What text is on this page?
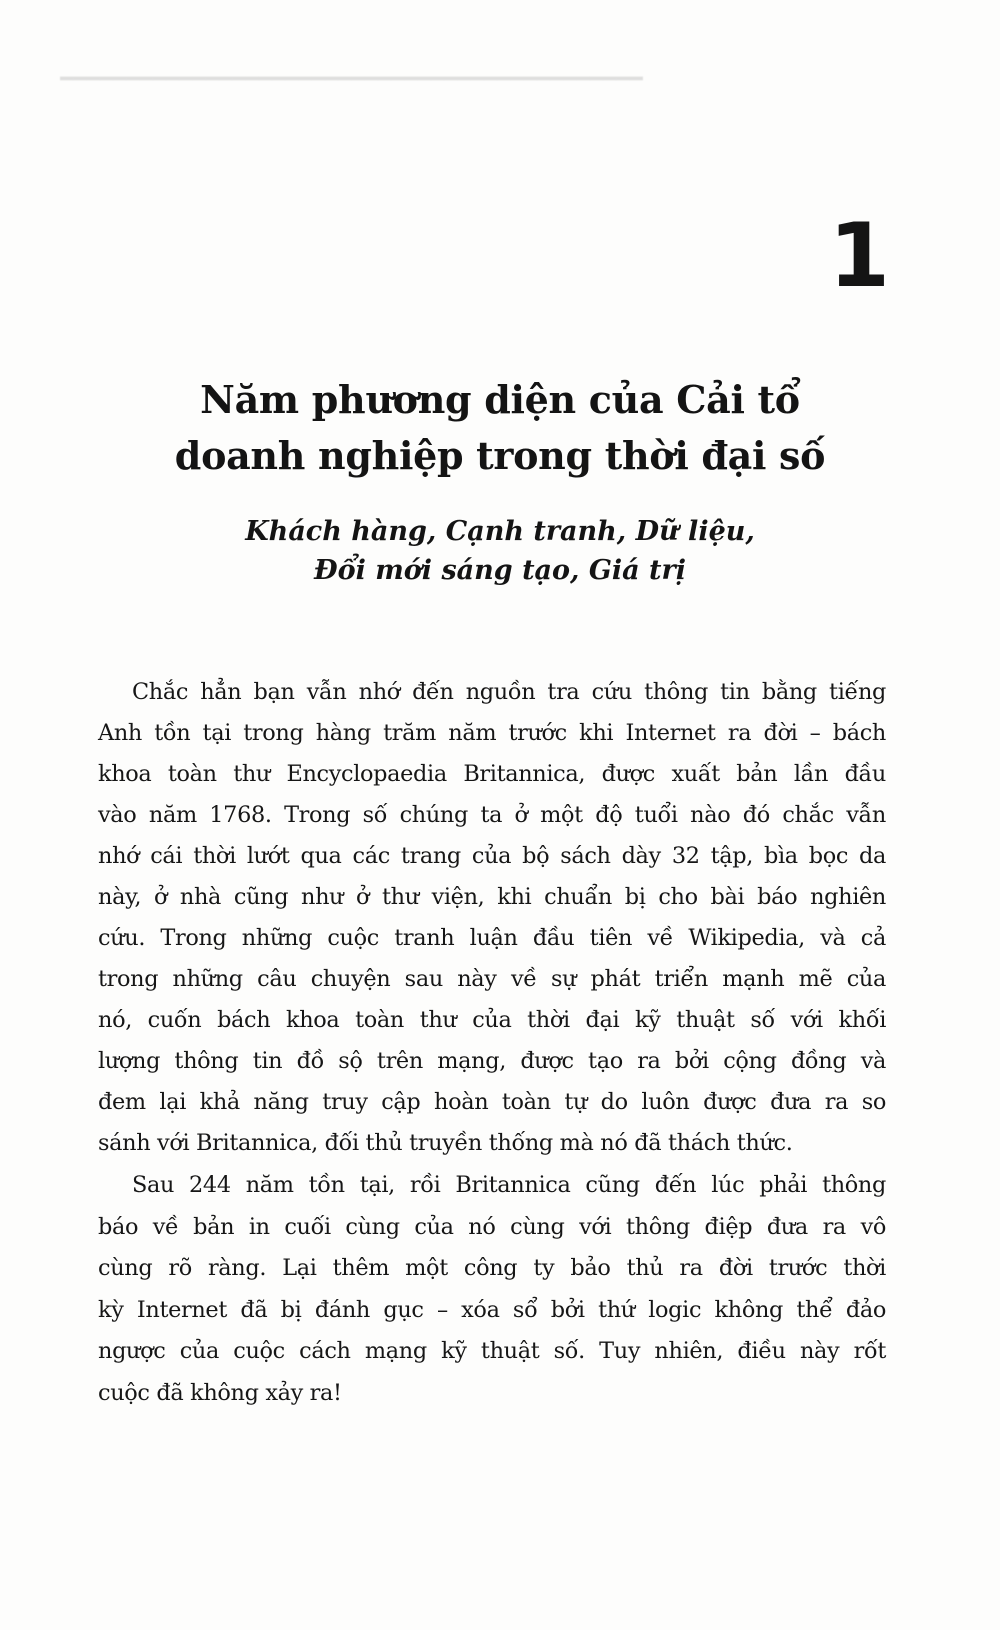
━━━━━━━━━━━━━━━━━━━━━━━━━━━━━━━━━━━━━━━━━━━━
1
Năm phương diện của Cải tổ
doanh nghiệp trong thời đại số
Khách hàng, Cạnh tranh, Dữ liệu,
Đổi mới sáng tạo, Giá trị

Chắc hẳn bạn vẫn nhớ đến nguồn tra cứu thông tin bằng tiếng
Anh tồn tại trong hàng trăm năm trước khi Internet ra đời – bách
khoa toàn thư Encyclopaedia Britannica, được xuất bản lần đầu
vào năm 1768. Trong số chúng ta ở một độ tuổi nào đó chắc vẫn
nhớ cái thời lướt qua các trang của bộ sách dày 32 tập, bìa bọc da
này, ở nhà cũng như ở thư viện, khi chuẩn bị cho bài báo nghiên
cứu. Trong những cuộc tranh luận đầu tiên về Wikipedia, và cả
trong những câu chuyện sau này về sự phát triển mạnh mẽ của
nó, cuốn bách khoa toàn thư của thời đại kỹ thuật số với khối
lượng thông tin đồ sộ trên mạng, được tạo ra bởi cộng đồng và
đem lại khả năng truy cập hoàn toàn tự do luôn được đưa ra so
sánh với Britannica, đối thủ truyền thống mà nó đã thách thức.

Sau 244 năm tồn tại, rồi Britannica cũng đến lúc phải thông
báo về bản in cuối cùng của nó cùng với thông điệp đưa ra vô
cùng rõ ràng. Lại thêm một công ty bảo thủ ra đời trước thời
kỳ Internet đã bị đánh gục – xóa sổ bởi thứ logic không thể đảo
ngược của cuộc cách mạng kỹ thuật số. Tuy nhiên, điều này rốt
cuộc đã không xảy ra!
